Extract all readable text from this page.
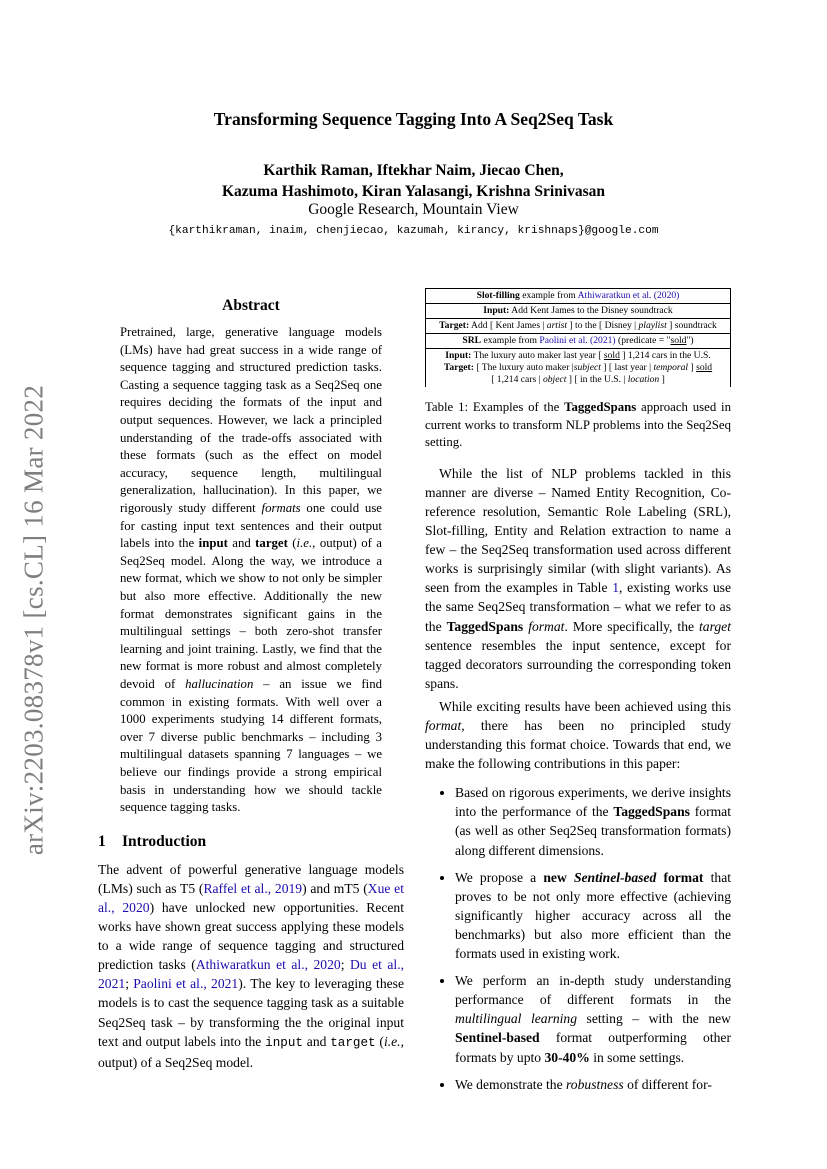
arXiv:2203.08378v1 [cs.CL] 16 Mar 2022
Transforming Sequence Tagging Into A Seq2Seq Task
Karthik Raman, Iftekhar Naim, Jiecao Chen,
Kazuma Hashimoto, Kiran Yalasangi, Krishna Srinivasan
Google Research, Mountain View
{karthikraman, inaim, chenjiecao, kazumah, kirancy, krishnaps}@google.com
Abstract
Pretrained, large, generative language models (LMs) have had great success in a wide range of sequence tagging and structured prediction tasks. Casting a sequence tagging task as a Seq2Seq one requires deciding the formats of the input and output sequences. However, we lack a principled understanding of the trade-offs associated with these formats (such as the effect on model accuracy, sequence length, multilingual generalization, hallucination). In this paper, we rigorously study different formats one could use for casting input text sentences and their output labels into the input and target (i.e., output) of a Seq2Seq model. Along the way, we introduce a new format, which we show to not only be simpler but also more effective. Additionally the new format demonstrates significant gains in the multilingual settings – both zero-shot transfer learning and joint training. Lastly, we find that the new format is more robust and almost completely devoid of hallucination – an issue we find common in existing formats. With well over a 1000 experiments studying 14 different formats, over 7 diverse public benchmarks – including 3 multilingual datasets spanning 7 languages – we believe our findings provide a strong empirical basis in understanding how we should tackle sequence tagging tasks.
1 Introduction

The advent of powerful generative language models (LMs) such as T5 (Raffel et al., 2019) and mT5 (Xue et al., 2020) have unlocked new opportunities. Recent works have shown great success applying these models to a wide range of sequence tagging and structured prediction tasks (Athiwaratkun et al., 2020; Du et al., 2021; Paolini et al., 2021). The key to leveraging these models is to cast the sequence tagging task as a suitable Seq2Seq task – by transforming the the original input text and output labels into the input and target (i.e., output) of a Seq2Seq model.

Slot-filling example from Athiwaratkun et al. (2020)
Input: Add Kent James to the Disney soundtrack
Target: Add [ Kent James | artist ] to the [ Disney | playlist ] soundtrack
SRL example from Paolini et al. (2021) (predicate = "sold")
Input: The luxury auto maker last year [ sold ] 1,214 cars in the U.S.
Target: [ The luxury auto maker |subject ] [ last year | temporal ] sold
[ 1,214 cars | object ] [ in the U.S. | location ]
Table 1: Examples of the TaggedSpans approach used in current works to transform NLP problems into the Seq2Seq setting.

While the list of NLP problems tackled in this manner are diverse – Named Entity Recognition, Co-reference resolution, Semantic Role Labeling (SRL), Slot-filling, Entity and Relation extraction to name a few – the Seq2Seq transformation used across different works is surprisingly similar (with slight variants). As seen from the examples in Table 1, existing works use the same Seq2Seq transformation – what we refer to as the TaggedSpans format. More specifically, the target sentence resembles the input sentence, except for tagged decorators surrounding the corresponding token spans.

While exciting results have been achieved using this format, there has been no principled study understanding this format choice. Towards that end, we make the following contributions in this paper:

• Based on rigorous experiments, we derive insights into the performance of the TaggedSpans format (as well as other Seq2Seq transformation formats) along different dimensions.
• We propose a new Sentinel-based format that proves to be not only more effective (achieving significantly higher accuracy across all the benchmarks) but also more efficient than the formats used in existing work.
• We perform an in-depth study understanding performance of different formats in the multilingual learning setting – with the new Sentinel-based format outperforming other formats by upto 30-40% in some settings.
• We demonstrate the robustness of different for-
